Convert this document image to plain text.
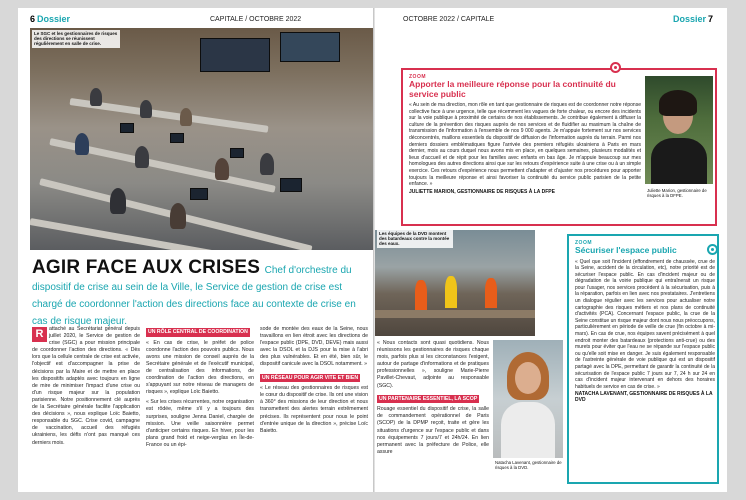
6 Dossier	CAPITALE / OCTOBRE 2022
Le SGC et les gestionnaires de risques des directions se réunissent régulièrement en salle de crise.
AGIR FACE AUX CRISES Chef d'orchestre du dispositif de crise au sein de la Ville, le Service de gestion de crise est chargé de coordonner l'action des directions face au contexte de crise en cas de risque majeur.
R	attaché au Secrétariat général depuis juillet 2020, le Service de gestion de crise (SGC) a pour mission principale de coordonner l'action des directions. « Dès lors que la cellule centrale de crise est activée, l'objectif est d'accompagner la prise de décisions par la Maire et de mettre en place les dispositifs adaptés avec toujours en ligne de mire de minimiser l'impact d'une crise ou d'un risque majeur sur la population parisienne. Notre positionnement clé auprès de la Secrétaire générale facilite l'application des décisions », nous explique Loïc Baietto, responsable du SGC. Crise covid, campagne de vaccination, accueil des réfugiés ukrainiens, les défis n'ont pas manqué ces derniers mois.
UN RÔLE CENTRAL DE COORDINATION

« En cas de crise, le préfet de police coordonne l'action des pouvoirs publics. Nous avons une mission de conseil auprès de la Secrétaire générale et de l'exécutif municipal, de centralisation des informations, de coordination de l'action des directions, en s'appuyant sur notre réseau de managers de risques », explique Loïc Baietto.

« Sur les crises récurrentes, notre organisation est rôdée, même s'il y a toujours des surprises, souligne Jenna Daniel, chargée de mission. Une veille saisonnière permet d'anticiper certains risques. En hiver, pour les plans grand froid et neige-verglas en Île-de-France ou un épi-

sode de montée des eaux de la Seine, nous travaillons en lien étroit avec les directions de l'espace public (DPE, DVD, DEVE) mais aussi avec la DSOL et la DJS pour la mise à l'abri des plus vulnérables. Et en été, bien sûr, le dispositif canicule avec la DSOL notamment. »

UN RÉSEAU POUR AGIR VITE ET BIEN

« Le réseau des gestionnaires de risques est le cœur du dispositif de crise. Ils ont une vision à 360° des missions de leur direction et nous transmettent des alertes terrain extrêmement précises. Ils représentent pour nous le point d'entrée unique de la direction », précise Loïc Baietto.

OCTOBRE 2022 / CAPITALE	Dossier 7
ZOOM
Apporter la meilleure réponse pour la continuité du service public
« Au sein de ma direction, mon rôle en tant que gestionnaire de risques est de coordonner notre réponse collective face à une urgence, telle que récemment les vagues de forte chaleur, ou encore des incidents sur la voie publique à proximité de certains de nos établissements. Je contribue également à diffuser la culture de la prévention des risques auprès de nos services et de fluidifier au maximum la chaîne de transmission de l'information à l'ensemble de nos 9 000 agents. Je m'appuie fortement sur nos services déconcentrés, maillons essentiels du dispositif de diffusion de l'information auprès du terrain. Parmi nos derniers dossiers emblématiques figure l'arrivée des premiers réfugiés ukrainiens à Paris en mars dernier, mois au cours duquel nous avons mis en place, en quelques semaines, plusieurs modalités et lieux d'accueil et de répit pour les familles avec enfants en bas âge. Je m'appuie beaucoup sur mes homologues des autres directions ainsi que sur les retours d'expérience suite à une crise ou à un simple exercice. Ces retours d'expérience nous permettent d'adapter et d'ajuster nos procédures pour apporter toujours la meilleure réponse et ainsi favoriser la continuité du service public parisien de la petite enfance. »
JULIETTE MARION, GESTIONNAIRE DE RISQUES À LA DFPE	Juliette Marion, gestionnaire de risques à la DFPE.
Les équipes de la DVD montent des batardeaux contre la montée des eaux.

« Nous contacts sont quasi quotidiens. Nous réunissons les gestionnaires de risques chaque mois, parfois plus si les circonstances l'exigent, autour de partage d'informations et de pratiques professionnelles », souligne Marie-Pierre Pavillet-Chevaut, adjointe au responsable (SGC).

UN PARTENAIRE ESSENTIEL, LA SCOP

Rouage essentiel du dispositif de crise, la salle de commandement opérationnel de Paris (SCOP) de la DPMP reçoit, traite et gère les situations d'urgence sur l'espace public et dans nos équipements 7 jours/7 et 24h/24. En lien permanent avec la préfecture de Police, elle assure

Natacha Lavenant, gestionnaire de risques à la DVD.
ZOOM
Sécuriser l'espace public
« Quel que soit l'incident (effondrement de chaussée, crue de la Seine, accident de la circulation, etc), notre priorité est de sécuriser l'espace public. En cas d'incident majeur ou de dégradation de la voirie publique qui entraînerait un risque pour l'usager, nos services procèdent à la sécurisation, puis à la réparation, parfois en lien avec nos prestataires. J'entretiens un dialogue régulier avec les services pour actualiser notre cartographie des risques métiers et nos plans de continuité d'activités (PCA). Concernant l'espace public, la crue de la Seine constitue un risque majeur dont nous nous préoccupons, particulièrement en période de veille de crue (fin octobre à mi-mars). En cas de crue, nos équipes savent précisément à quel endroit monter des batardeaux (protections anti-crue) ou des murets pour éviter que l'eau ne se répande sur l'espace public ou qu'elle soit mise en danger. Je suis également responsable de l'astreinte générale de voie publique qui est un dispositif partagé avec la DPE, permettant de garantir la continuité de la sécurisation de l'espace public 7 jours sur 7, 24 h sur 24 en cas d'incident majeur intervenant en dehors des horaires habituels de service en cas de crise. »
NATACHA LAVENANT, GESTIONNAIRE DE RISQUES À LA DVD
